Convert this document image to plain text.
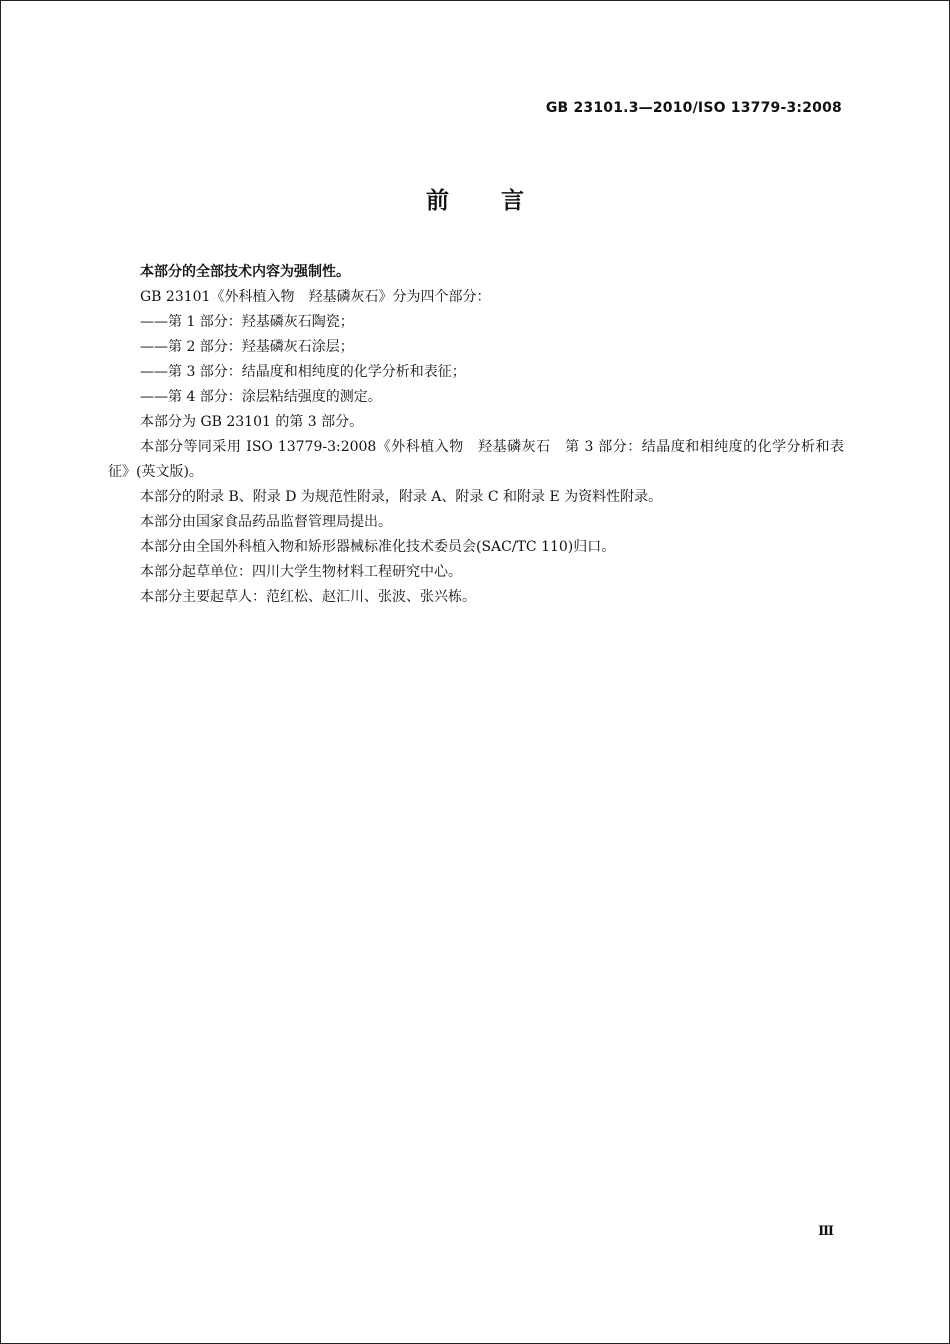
GB 23101.3—2010/ISO 13779-3:2008
前 言

本部分的全部技术内容为强制性。

GB 23101《外科植入物　羟基磷灰石》分为四个部分：

——第 1 部分：羟基磷灰石陶瓷；

——第 2 部分：羟基磷灰石涂层；

——第 3 部分：结晶度和相纯度的化学分析和表征；

——第 4 部分：涂层粘结强度的测定。

本部分为 GB 23101 的第 3 部分。

本部分等同采用 ISO 13779-3:2008《外科植入物　羟基磷灰石　第 3 部分：结晶度和相纯度的化学分析和表征》(英文版)。

本部分的附录 B、附录 D 为规范性附录，附录 A、附录 C 和附录 E 为资料性附录。

本部分由国家食品药品监督管理局提出。

本部分由全国外科植入物和矫形器械标准化技术委员会(SAC/TC 110)归口。

本部分起草单位：四川大学生物材料工程研究中心。

本部分主要起草人：范红松、赵汇川、张波、张兴栋。

Ⅲ
